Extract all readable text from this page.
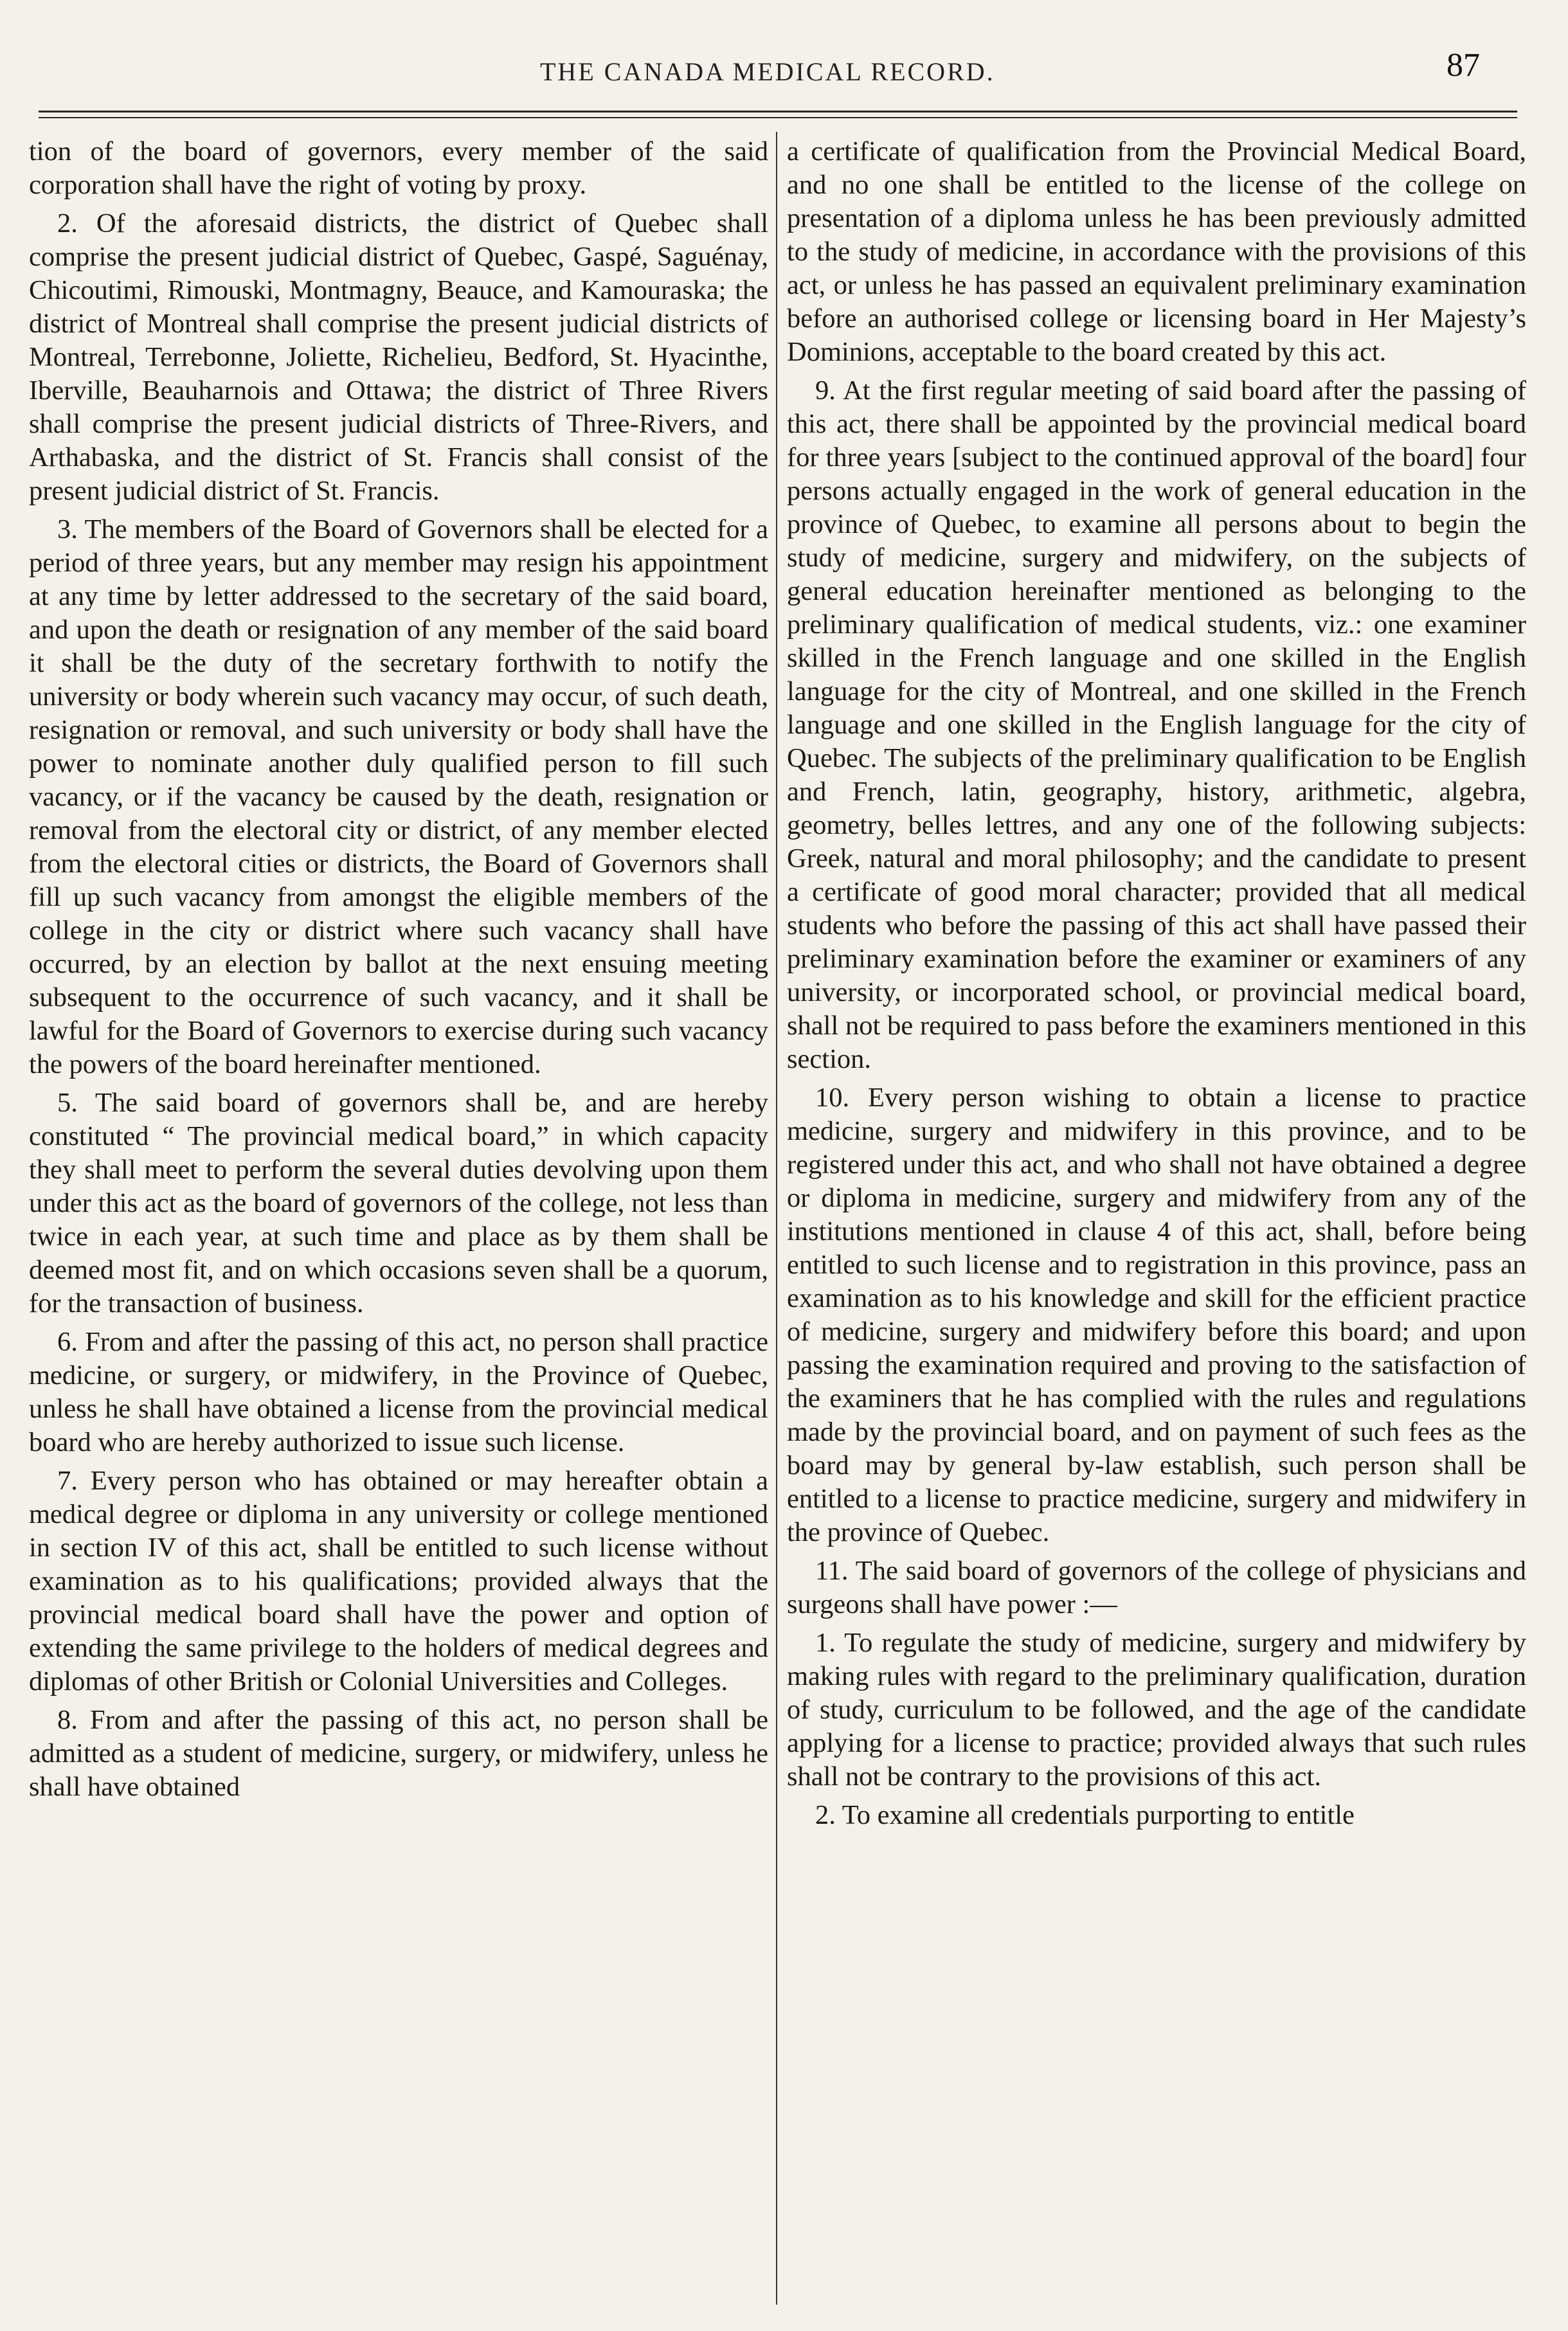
THE CANADA MEDICAL RECORD.	87

tion of the board of governors, every member of the said corporation shall have the right of voting by proxy.

2. Of the aforesaid districts, the district of Quebec shall comprise the present judicial district of Quebec, Gaspé, Saguénay, Chicoutimi, Rimouski, Montmagny, Beauce, and Kamouraska; the district of Montreal shall comprise the present judicial districts of Montreal, Terrebonne, Joliette, Richelieu, Bedford, St. Hyacinthe, Iberville, Beauharnois and Ottawa; the district of Three Rivers shall comprise the present judicial districts of Three-Rivers, and Arthabaska, and the district of St. Francis shall consist of the present judicial district of St. Francis.

3. The members of the Board of Governors shall be elected for a period of three years, but any member may resign his appointment at any time by letter addressed to the secretary of the said board, and upon the death or resignation of any member of the said board it shall be the duty of the secretary forthwith to notify the university or body wherein such vacancy may occur, of such death, resignation or removal, and such university or body shall have the power to nominate another duly qualified person to fill such vacancy, or if the vacancy be caused by the death, resignation or removal from the electoral city or district, of any member elected from the electoral cities or districts, the Board of Governors shall fill up such vacancy from amongst the eligible members of the college in the city or district where such vacancy shall have occurred, by an election by ballot at the next ensuing meeting subsequent to the occurrence of such vacancy, and it shall be lawful for the Board of Governors to exercise during such vacancy the powers of the board hereinafter mentioned.

5. The said board of governors shall be, and are hereby constituted “ The provincial medical board,” in which capacity they shall meet to perform the several duties devolving upon them under this act as the board of governors of the college, not less than twice in each year, at such time and place as by them shall be deemed most fit, and on which occasions seven shall be a quorum, for the transaction of business.

6. From and after the passing of this act, no person shall practice medicine, or surgery, or midwifery, in the Province of Quebec, unless he shall have obtained a license from the provincial medical board who are hereby authorized to issue such license.

7. Every person who has obtained or may hereafter obtain a medical degree or diploma in any university or college mentioned in section IV of this act, shall be entitled to such license without examination as to his qualifications; provided always that the provincial medical board shall have the power and option of extending the same privilege to the holders of medical degrees and diplomas of other British or Colonial Universities and Colleges.

8. From and after the passing of this act, no person shall be admitted as a student of medicine, surgery, or midwifery, unless he shall have obtained

a certificate of qualification from the Provincial Medical Board, and no one shall be entitled to the license of the college on presentation of a diploma unless he has been previously admitted to the study of medicine, in accordance with the provisions of this act, or unless he has passed an equivalent preliminary examination before an authorised college or licensing board in Her Majesty’s Dominions, acceptable to the board created by this act.

9. At the first regular meeting of said board after the passing of this act, there shall be appointed by the provincial medical board for three years [subject to the continued approval of the board] four persons actually engaged in the work of general education in the province of Quebec, to examine all persons about to begin the study of medicine, surgery and midwifery, on the subjects of general education hereinafter mentioned as belonging to the preliminary qualification of medical students, viz.: one examiner skilled in the French language and one skilled in the English language for the city of Montreal, and one skilled in the French language and one skilled in the English language for the city of Quebec. The subjects of the preliminary qualification to be English and French, latin, geography, history, arithmetic, algebra, geometry, belles lettres, and any one of the following subjects: Greek, natural and moral philosophy; and the candidate to present a certificate of good moral character; provided that all medical students who before the passing of this act shall have passed their preliminary examination before the examiner or examiners of any university, or incorporated school, or provincial medical board, shall not be required to pass before the examiners mentioned in this section.

10. Every person wishing to obtain a license to practice medicine, surgery and midwifery in this province, and to be registered under this act, and who shall not have obtained a degree or diploma in medicine, surgery and midwifery from any of the institutions mentioned in clause 4 of this act, shall, before being entitled to such license and to registration in this province, pass an examination as to his knowledge and skill for the efficient practice of medicine, surgery and midwifery before this board; and upon passing the examination required and proving to the satisfaction of the examiners that he has complied with the rules and regulations made by the provincial board, and on payment of such fees as the board may by general by-law establish, such person shall be entitled to a license to practice medicine, surgery and midwifery in the province of Quebec.

11. The said board of governors of the college of physicians and surgeons shall have power :—

1. To regulate the study of medicine, surgery and midwifery by making rules with regard to the preliminary qualification, duration of study, curriculum to be followed, and the age of the candidate applying for a license to practice; provided always that such rules shall not be contrary to the provisions of this act.

2. To examine all credentials purporting to entitle
